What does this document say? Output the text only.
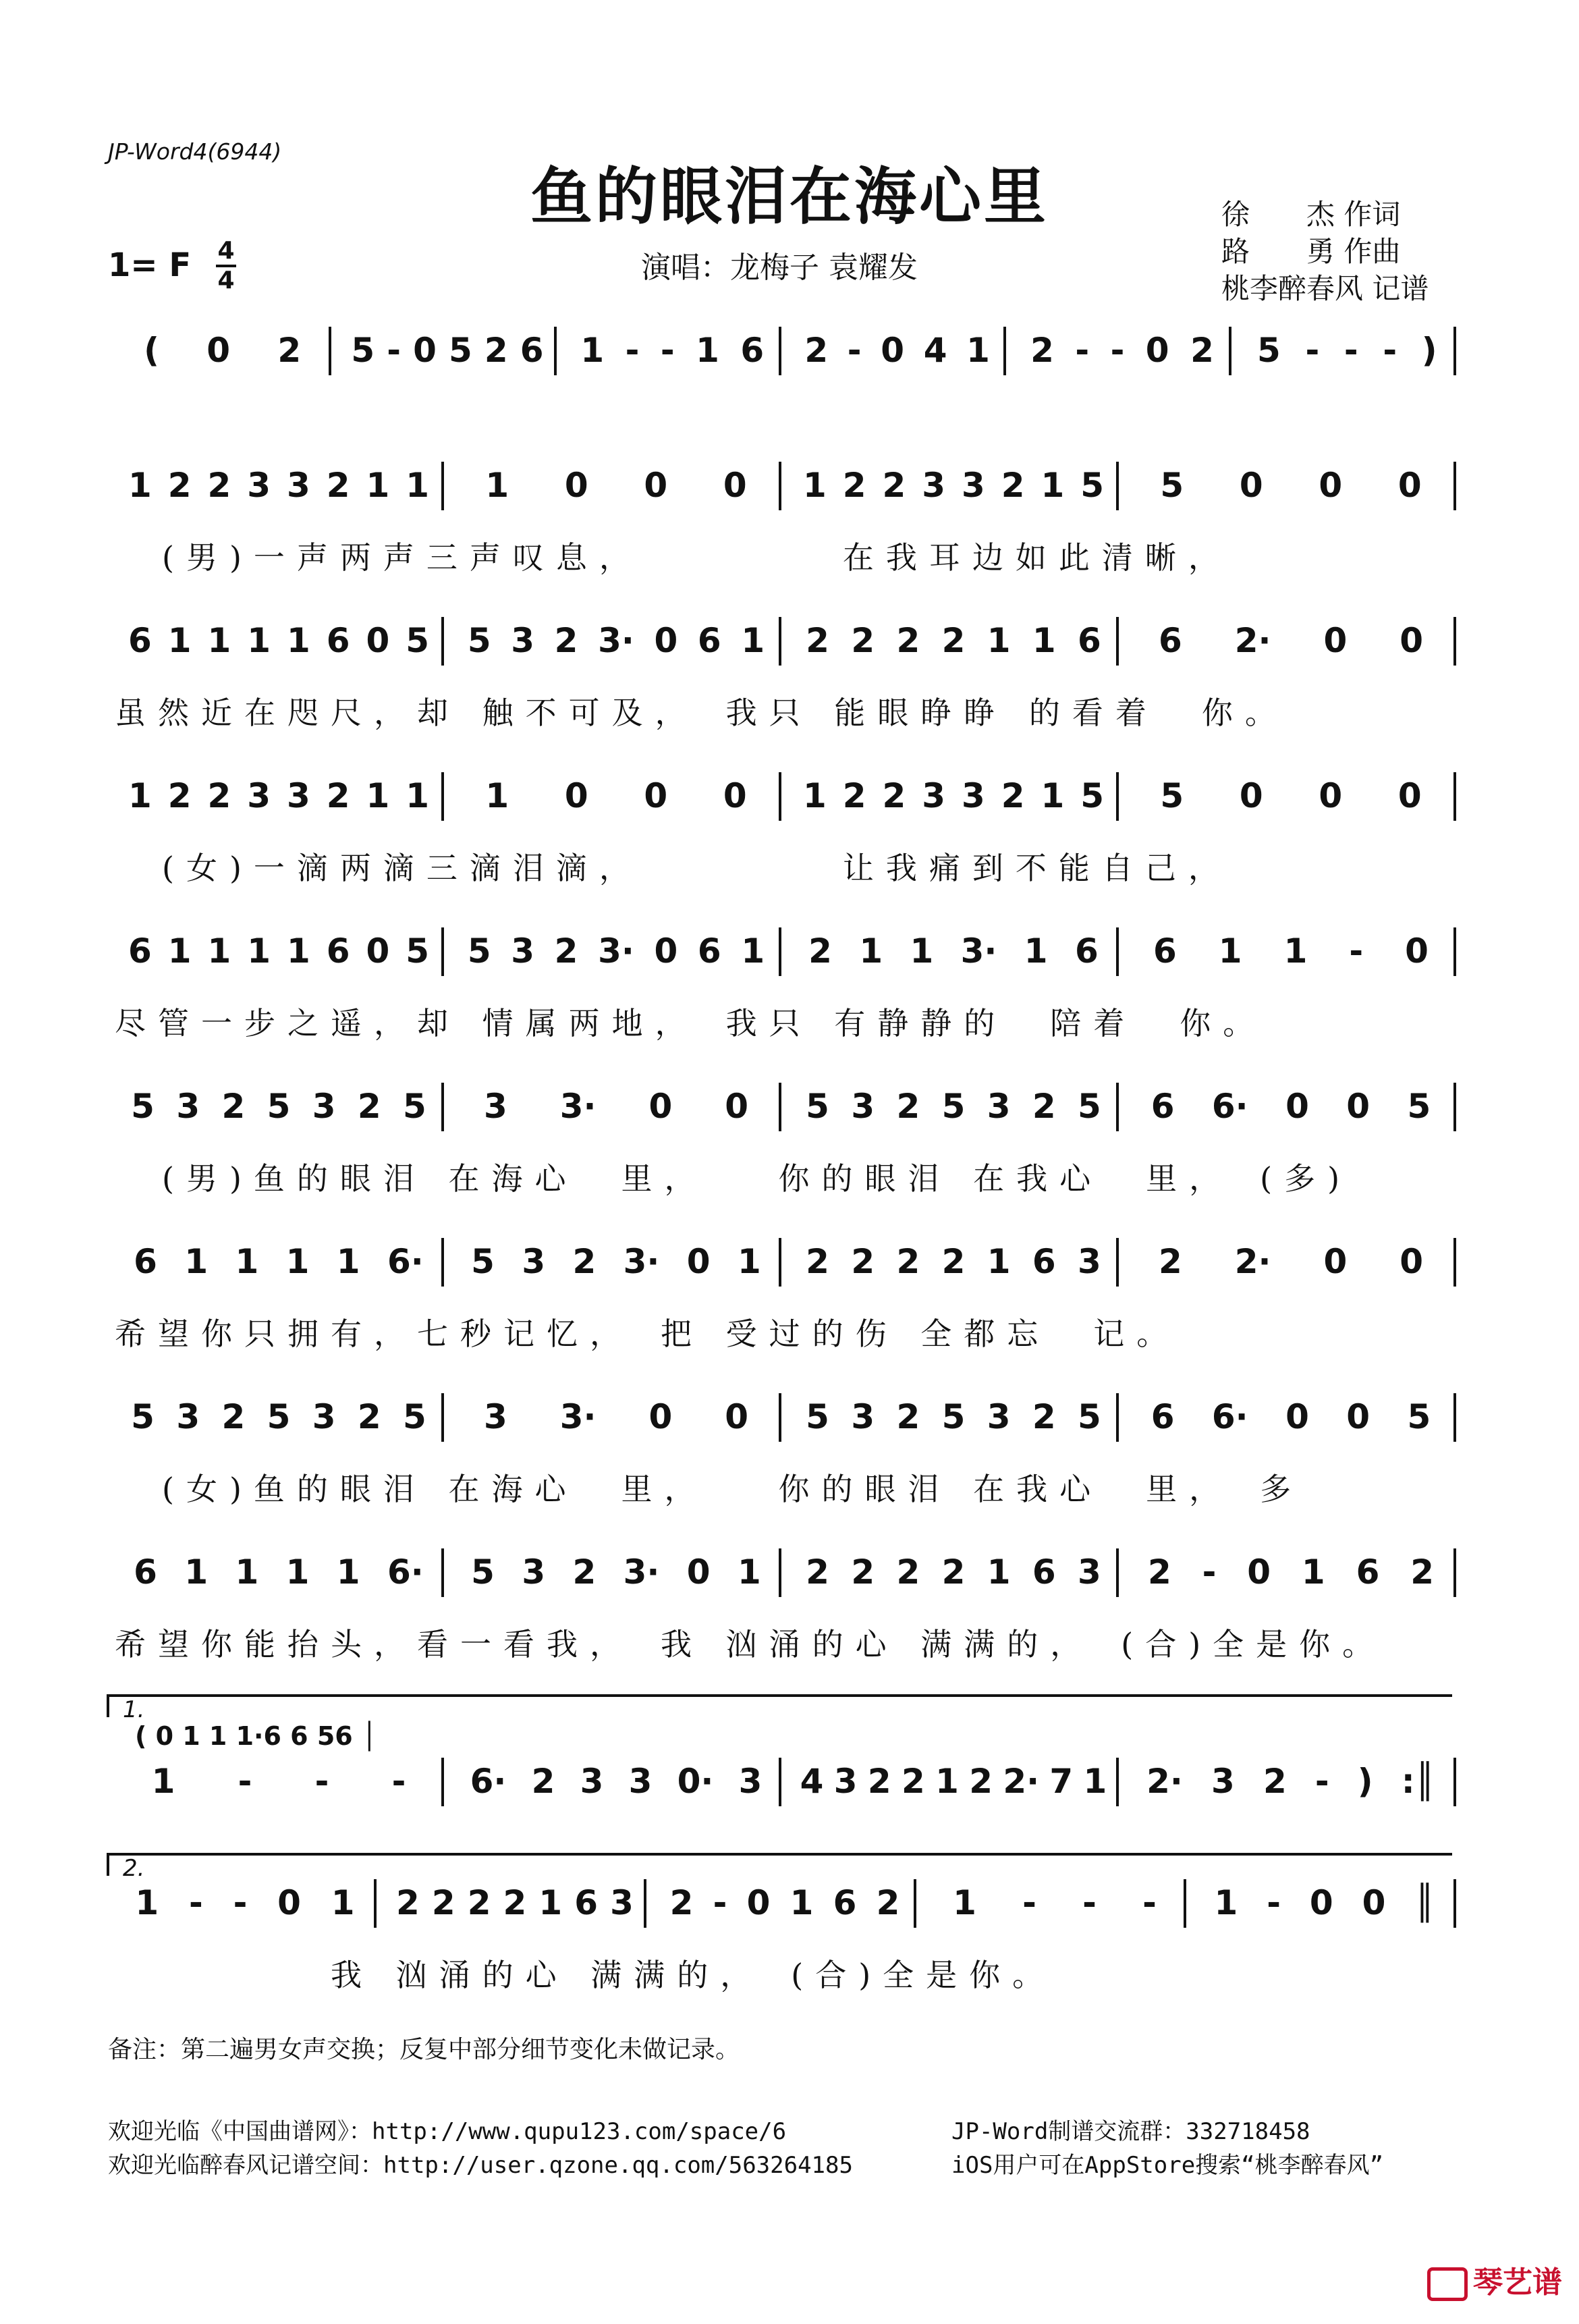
JP-Word4(6944)
鱼的眼泪在海心里
1= F 4
4	演唱：龙梅子 袁耀发
徐　　杰 作词
路　　勇 作曲
桃李醉春风 记谱
( 0 2 5 - 0 5 2 6 1 - - 1 6 2 - 0 4 1 2 - - 0 2 5 - - - )
1 2 2 3 3 2 1 1 1 0 0 0 1 2 2 3 3 2 1 5 5 0 0 0
(男)一声两声三声叹息，　　　　　在我耳边如此清晰，
6 1 1 1 1 6 0 5 5 3 2 3· 0 6 1 2 2 2 2 1 1 6 6 2· 0 0
虽然近在咫尺，却 触不可及，　我只 能眼睁睁 的看着　你。
1 2 2 3 3 2 1 1 1 0 0 0 1 2 2 3 3 2 1 5 5 0 0 0
(女)一滴两滴三滴泪滴，　　　　　让我痛到不能自己，
6 1 1 1 1 6 0 5 5 3 2 3· 0 6 1 2 1 1 3· 1 6 6 1 1 - 0
尽管一步之遥，却 情属两地，　我只 有静静的　陪着　你。
5 3 2 5 3 2 5 3 3· 0 0 5 3 2 5 3 2 5 6 6· 0 0 5
(男)鱼的眼泪 在海心　里，　　你的眼泪 在我心　里，　(多)
6 1 1 1 1 6· 5 3 2 3· 0 1 2 2 2 2 1 6 3 2 2· 0 0
希望你只拥有，七秒记忆，　把 受过的伤 全都忘　记。
5 3 2 5 3 2 5 3 3· 0 0 5 3 2 5 3 2 5 6 6· 0 0 5
(女)鱼的眼泪 在海心　里，　　你的眼泪 在我心　里，　多
6 1 1 1 1 6· 5 3 2 3· 0 1 2 2 2 2 1 6 3 2 - 0 1 6 2
希望你能抬头，看一看我，　我 汹涌的心 满满的，　(合)全是你。
1.
( 0 1 1 1·6 6 56 │
1 - - - 6· 2 3 3 0· 3 4 3 2 2 1 2 2· 7 1 2· 3 2 - ) :║
2.
1 - - 0 1 2 2 2 2 1 6 3 2 - 0 1 6 2 1 - - - 1 - 0 0 ║
　　　　　我 汹涌的心 满满的，　(合)全是你。
备注：第二遍男女声交换；反复中部分细节变化未做记录。
欢迎光临《中国曲谱网》：http://www.qupu123.com/space/6
欢迎光临醉春风记谱空间：http://user.qzone.qq.com/563264185
JP-Word制谱交流群：332718458
iOS用户可在AppStore搜索“桃李醉春风”
琴艺谱
